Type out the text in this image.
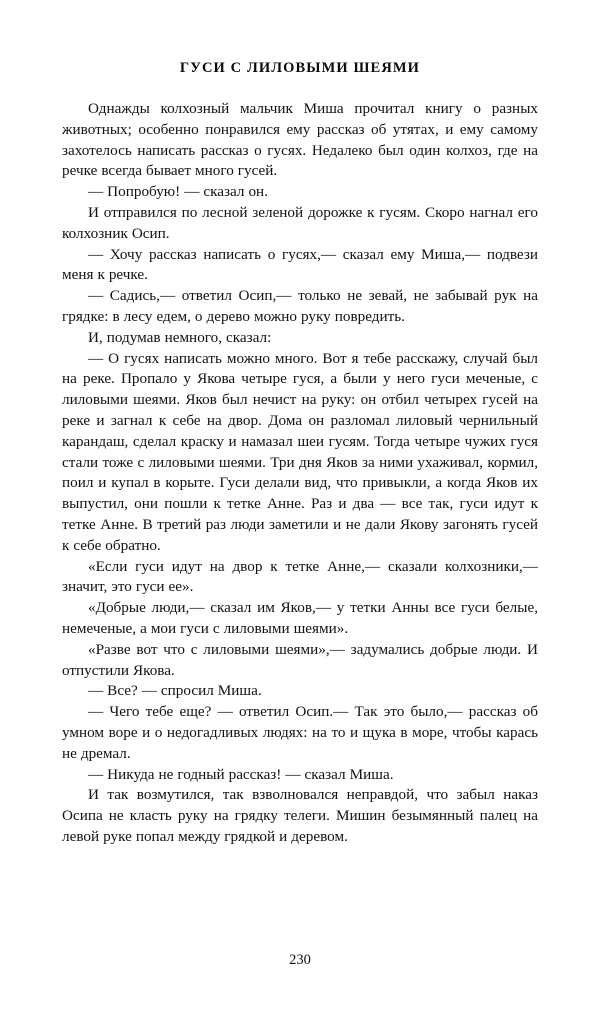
ГУСИ С ЛИЛОВЫМИ ШЕЯМИ

Однажды колхозный мальчик Миша прочитал книгу о разных животных; особенно понравился ему рассказ об утятах, и ему самому захотелось написать рассказ о гусях. Недалеко был один колхоз, где на речке всегда бывает много гусей.

— Попробую! — сказал он.

И отправился по лесной зеленой дорожке к гусям. Скоро нагнал его колхозник Осип.

— Хочу рассказ написать о гусях,— сказал ему Миша,— подвези меня к речке.

— Садись,— ответил Осип,— только не зевай, не забывай рук на грядке: в лесу едем, о дерево можно руку повредить.

И, подумав немного, сказал:

— О гусях написать можно много. Вот я тебе расскажу, случай был на реке. Пропало у Якова четыре гуся, а были у него гуси меченые, с лиловыми шеями. Яков был нечист на руку: он отбил четырех гусей на реке и загнал к себе на двор. Дома он разломал лиловый чернильный карандаш, сделал краску и намазал шеи гусям. Тогда четыре чужих гуся стали тоже с лиловыми шеями. Три дня Яков за ними ухаживал, кормил, поил и купал в корыте. Гуси делали вид, что привыкли, а когда Яков их выпустил, они пошли к тетке Анне. Раз и два — все так, гуси идут к тетке Анне. В третий раз люди заметили и не дали Якову загонять гусей к себе обратно.

«Если гуси идут на двор к тетке Анне,— сказали колхозники,— значит, это гуси ее».

«Добрые люди,— сказал им Яков,— у тетки Анны все гуси белые, немеченые, а мои гуси с лиловыми шеями».

«Разве вот что с лиловыми шеями»,— задумались добрые люди. И отпустили Якова.

— Все? — спросил Миша.

— Чего тебе еще? — ответил Осип.— Так это было,— рассказ об умном воре и о недогадливых людях: на то и щука в море, чтобы карась не дремал.

— Никуда не годный рассказ! — сказал Миша.

И так возмутился, так взволновался неправдой, что забыл наказ Осипа не класть руку на грядку телеги. Мишин безымянный палец на левой руке попал между грядкой и деревом.

230
